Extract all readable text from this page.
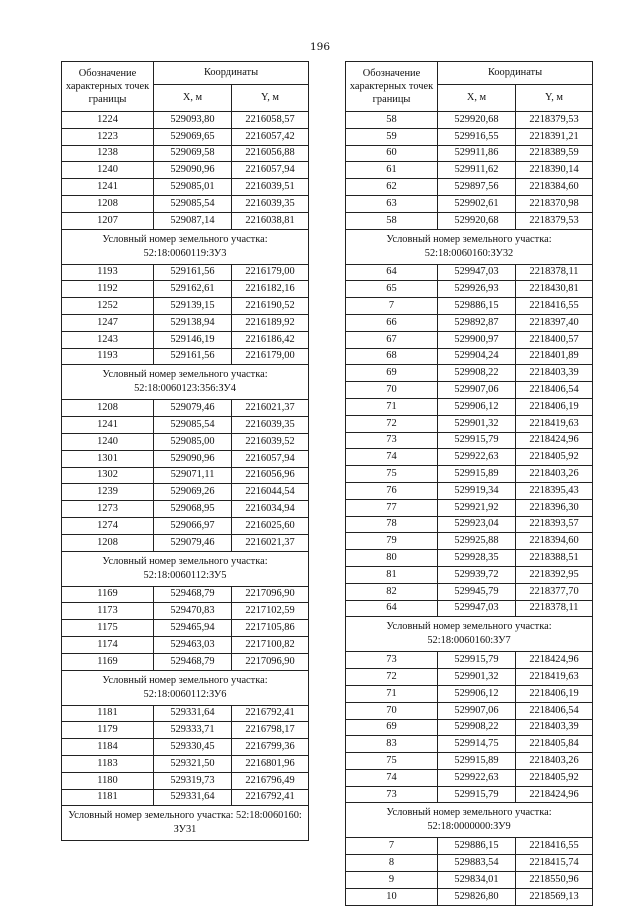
196
Обозначение характерных точек границы	Координаты	
	X, м	Y, м
1224	529093,80	2216058,57
1223	529069,65	2216057,42
1238	529069,58	2216056,88
1240	529090,96	2216057,94
1241	529085,01	2216039,51
1208	529085,54	2216039,35
1207	529087,14	2216038,81
Условный номер земельного участка: 52:18:0060119:ЗУ3		
1193	529161,56	2216179,00
1192	529162,61	2216182,16
1252	529139,15	2216190,52
1247	529138,94	2216189,92
1243	529146,19	2216186,42
1193	529161,56	2216179,00
Условный номер земельного участка: 52:18:0060123:356:ЗУ4		
1208	529079,46	2216021,37
1241	529085,54	2216039,35
1240	529085,00	2216039,52
1301	529090,96	2216057,94
1302	529071,11	2216056,96
1239	529069,26	2216044,54
1273	529068,95	2216034,94
1274	529066,97	2216025,60
1208	529079,46	2216021,37
Условный номер земельного участка: 52:18:0060112:ЗУ5		
1169	529468,79	2217096,90
1173	529470,83	2217102,59
1175	529465,94	2217105,86
1174	529463,03	2217100,82
1169	529468,79	2217096,90
Условный номер земельного участка: 52:18:0060112:ЗУ6		
1181	529331,64	2216792,41
1179	529333,71	2216798,17
1184	529330,45	2216799,36
1183	529321,50	2216801,96
1180	529319,73	2216796,49
1181	529331,64	2216792,41
Условный номер земельного участка: 52:18:0060160: ЗУ31		
Обозначение характерных точек границы	Координаты	
	X, м	Y, м
58	529920,68	2218379,53
59	529916,55	2218391,21
60	529911,86	2218389,59
61	529911,62	2218390,14
62	529897,56	2218384,60
63	529902,61	2218370,98
58	529920,68	2218379,53
Условный номер земельного участка: 52:18:0060160:ЗУ32		
64	529947,03	2218378,11
65	529926,93	2218430,81
7	529886,15	2218416,55
66	529892,87	2218397,40
67	529900,97	2218400,57
68	529904,24	2218401,89
69	529908,22	2218403,39
70	529907,06	2218406,54
71	529906,12	2218406,19
72	529901,32	2218419,63
73	529915,79	2218424,96
74	529922,63	2218405,92
75	529915,89	2218403,26
76	529919,34	2218395,43
77	529921,92	2218396,30
78	529923,04	2218393,57
79	529925,88	2218394,60
80	529928,35	2218388,51
81	529939,72	2218392,95
82	529945,79	2218377,70
64	529947,03	2218378,11
Условный номер земельного участка: 52:18:0060160:ЗУ7		
73	529915,79	2218424,96
72	529901,32	2218419,63
71	529906,12	2218406,19
70	529907,06	2218406,54
69	529908,22	2218403,39
83	529914,75	2218405,84
75	529915,89	2218403,26
74	529922,63	2218405,92
73	529915,79	2218424,96
Условный номер земельного участка: 52:18:0000000:ЗУ9		
7	529886,15	2218416,55
8	529883,54	2218415,74
9	529834,01	2218550,96
10	529826,80	2218569,13
